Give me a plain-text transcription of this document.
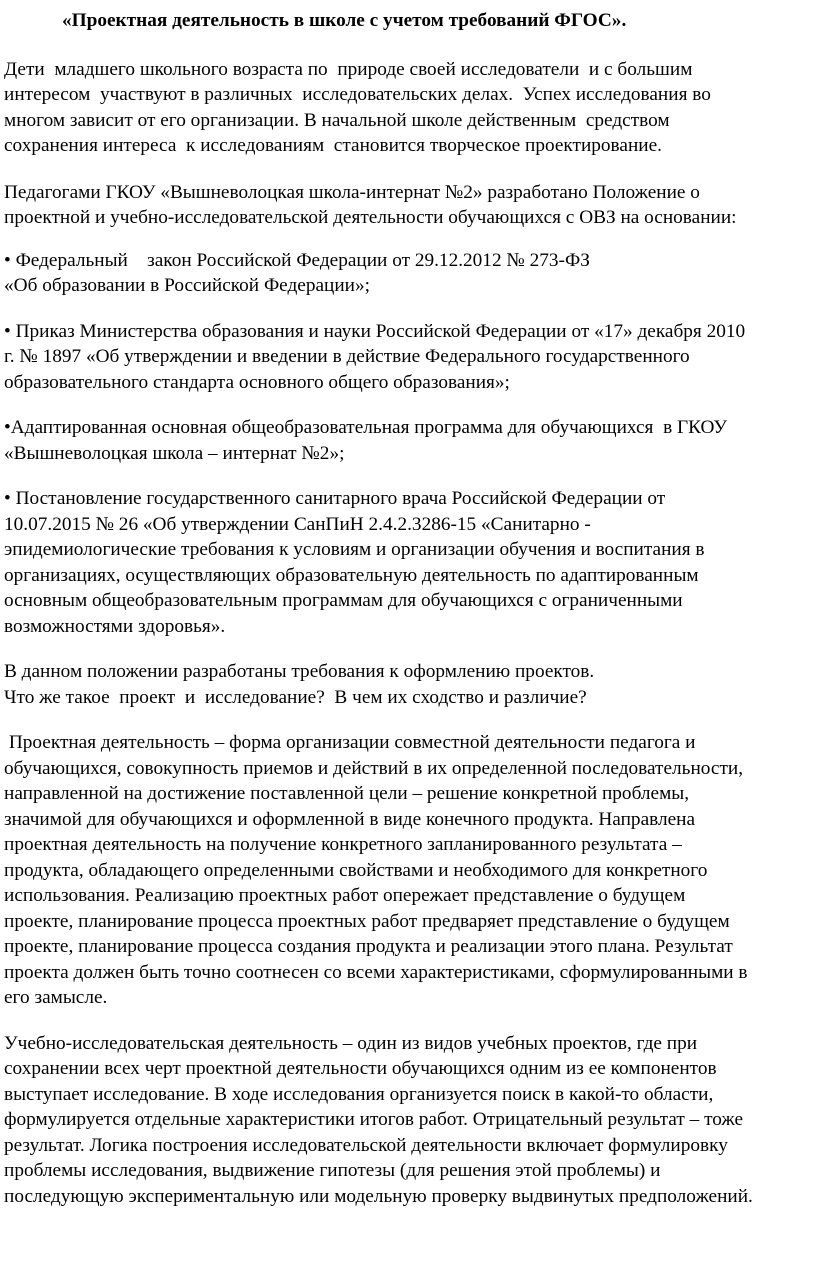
«Проектная деятельность в школе с учетом требований ФГОС».

Дети  младшего школьного возраста по  природе своей исследователи  и с большим
интересом  участвуют в различных  исследовательских делах.  Успех исследования во
многом зависит от его организации. В начальной школе действенным  средством
сохранения интереса  к исследованиям  становится творческое проектирование.

Педагогами ГКОУ «Вышневолоцкая школа-интернат №2» разработано Положение о
проектной и учебно-исследовательской деятельности обучающихся с ОВЗ на основании:

• Федеральный    закон Российской Федерации от 29.12.2012 № 273-ФЗ
«Об образовании в Российской Федерации»;

• Приказ Министерства образования и науки Российской Федерации от «17» декабря 2010
г. № 1897 «Об утверждении и введении в действие Федерального государственного
образовательного стандарта основного общего образования»;

•Адаптированная основная общеобразовательная программа для обучающихся  в ГКОУ
«Вышневолоцкая школа – интернат №2»;

• Постановление государственного санитарного врача Российской Федерации от
10.07.2015 № 26 «Об утверждении СанПиН 2.4.2.3286-15 «Санитарно -
эпидемиологические требования к условиям и организации обучения и воспитания в
организациях, осуществляющих образовательную деятельность по адаптированным
основным общеобразовательным программам для обучающихся с ограниченными
возможностями здоровья».

В данном положении разработаны требования к оформлению проектов.
Что же такое  проект  и  исследование?  В чем их сходство и различие?

Проектная деятельность – форма организации совместной деятельности педагога и
обучающихся, совокупность приемов и действий в их определенной последовательности,
направленной на достижение поставленной цели – решение конкретной проблемы,
значимой для обучающихся и оформленной в виде конечного продукта. Направлена
проектная деятельность на получение конкретного запланированного результата –
продукта, обладающего определенными свойствами и необходимого для конкретного
использования. Реализацию проектных работ опережает представление о будущем
проекте, планирование процесса проектных работ предваряет представление о будущем
проекте, планирование процесса создания продукта и реализации этого плана. Результат
проекта должен быть точно соотнесен со всеми характеристиками, сформулированными в
его замысле.

Учебно-исследовательская деятельность – один из видов учебных проектов, где при
сохранении всех черт проектной деятельности обучающихся одним из ее компонентов
выступает исследование. В ходе исследования организуется поиск в какой-то области,
формулируется отдельные характеристики итогов работ. Отрицательный результат – тоже
результат. Логика построения исследовательской деятельности включает формулировку
проблемы исследования, выдвижение гипотезы (для решения этой проблемы) и
последующую экспериментальную или модельную проверку выдвинутых предположений.
